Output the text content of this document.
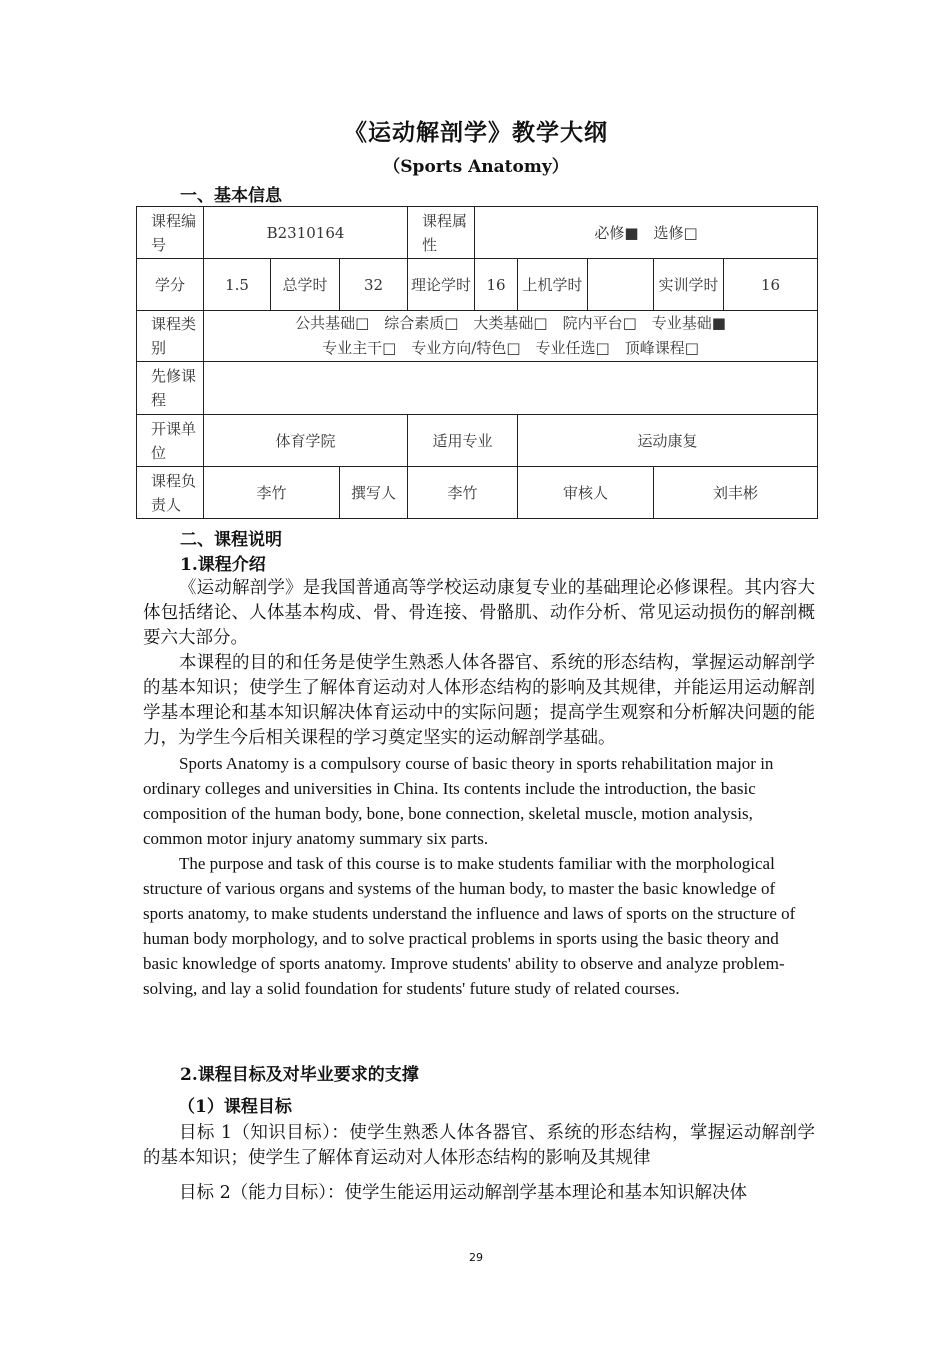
《运动解剖学》教学大纲
（Sports Anatomy）
一、基本信息
课程编号	B2310164			课程属性	必修■　选修□				
学分	1.5	总学时	32	理论学时	16	上机学时		实训学时	16
课程类别	公共基础□　综合素质□　大类基础□　院内平台□　专业基础■
专业主干□　专业方向/特色□　专业任选□　顶峰课程□								

先修课程									
开课单位	体育学院			适用专业		运动康复			
课程负责人	李竹		撰写人	李竹		审核人		刘丰彬	
二、课程说明
1.课程介绍

《运动解剖学》是我国普通高等学校运动康复专业的基础理论必修课程。其内容大体包括绪论、人体基本构成、骨、骨连接、骨骼肌、动作分析、常见运动损伤的解剖概要六大部分。

本课程的目的和任务是使学生熟悉人体各器官、系统的形态结构，掌握运动解剖学的基本知识；使学生了解体育运动对人体形态结构的影响及其规律，并能运用运动解剖学基本理论和基本知识解决体育运动中的实际问题；提高学生观察和分析解决问题的能力，为学生今后相关课程的学习奠定坚实的运动解剖学基础。

Sports Anatomy is a compulsory course of basic theory in sports rehabilitation major in ordinary colleges and universities in China. Its contents include the introduction, the basic composition of the human body, bone, bone connection, skeletal muscle, motion analysis, common motor injury anatomy summary six parts.

The purpose and task of this course is to make students familiar with the morphological structure of various organs and systems of the human body, to master the basic knowledge of sports anatomy, to make students understand the influence and laws of sports on the structure of human body morphology, and to solve practical problems in sports using the basic theory and basic knowledge of sports anatomy. Improve students' ability to observe and analyze problem-solving, and lay a solid foundation for students' future study of related courses.

2.课程目标及对毕业要求的支撑
（1）课程目标

目标 1（知识目标）：使学生熟悉人体各器官、系统的形态结构，掌握运动解剖学的基本知识；使学生了解体育运动对人体形态结构的影响及其规律

目标 2（能力目标）：使学生能运用运动解剖学基本理论和基本知识解决体

29
